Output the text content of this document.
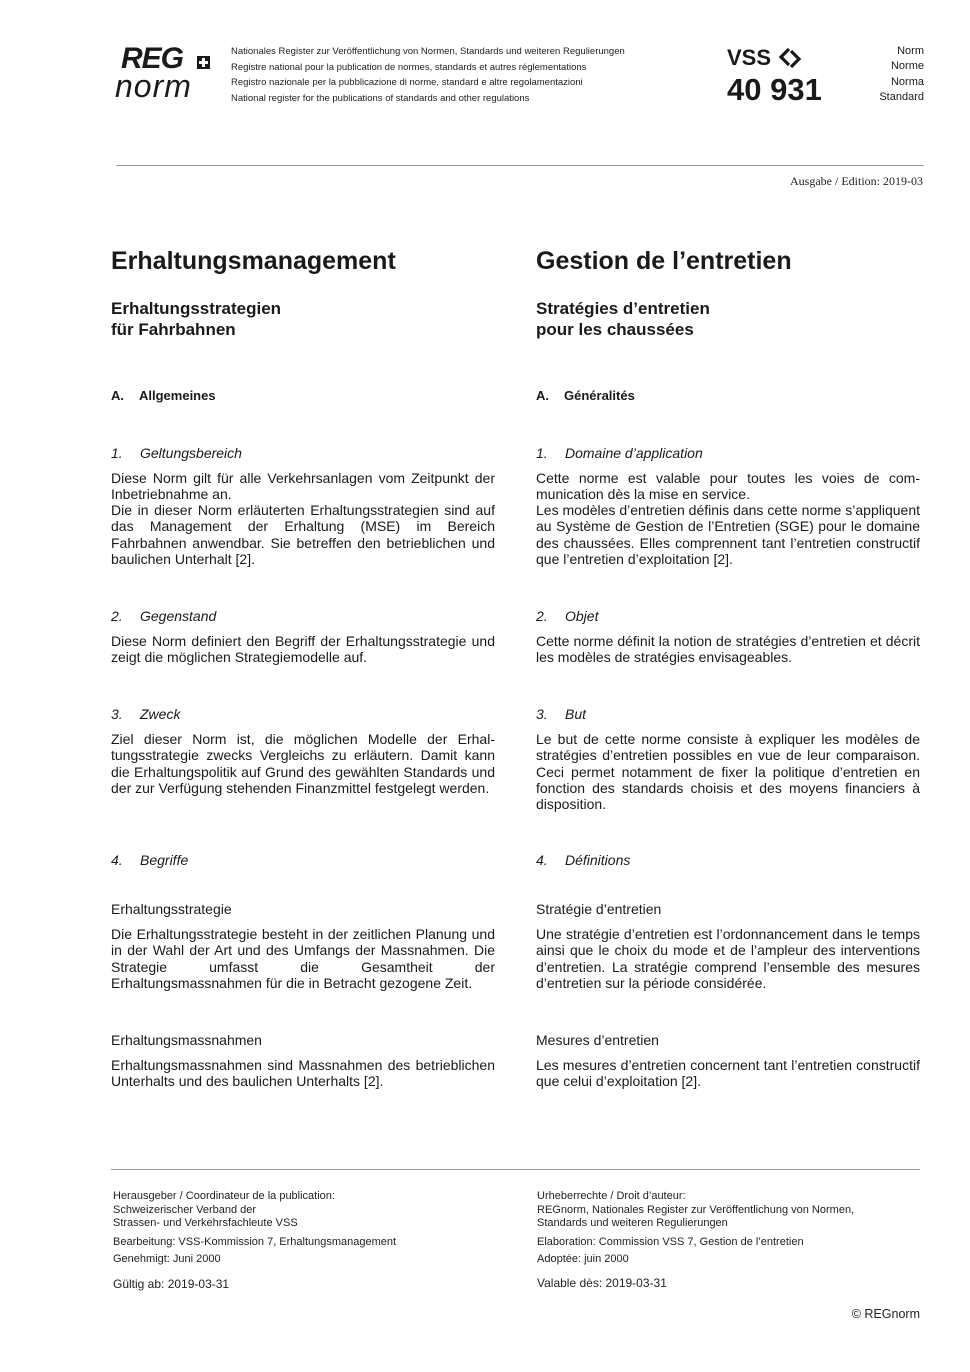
REG
norm
Nationales Register zur Veröffentlichung von Normen, Standards und weiteren Regulierungen
Registre national pour la publication de normes, standards et autres réglementations
Registro nazionale per la pubblicazione di norme, standard e altre regolamentazioni
National register for the publications of standards and other regulations
VSS
40 931
Norm
Norme
Norma
Standard
Ausgabe / Edition: 2019-03
Erhaltungsmanagement
Erhaltungsstrategien
für Fahrbahnen
A. Allgemeines
1. Geltungsbereich

Diese Norm gilt für alle Verkehrsanlagen vom Zeitpunkt der Inbetriebnahme an.

Die in dieser Norm erläuterten Erhaltungsstrategien sind auf das Management der Erhaltung (MSE) im Bereich Fahrbahnen anwendbar. Sie betreffen den betrieblichen und baulichen Unterhalt [2].

2. Gegenstand

Diese Norm definiert den Begriff der Erhaltungsstrategie und zeigt die möglichen Strategiemodelle auf.

3. Zweck

Ziel dieser Norm ist, die möglichen Modelle der Erhaltungsstrategie zwecks Vergleichs zu erläutern. Damit kann die Erhaltungspolitik auf Grund des gewählten Standards und der zur Verfügung stehenden Finanzmittel festgelegt werden.

4. Begriffe
Erhaltungsstrategie

Die Erhaltungsstrategie besteht in der zeitlichen Planung und in der Wahl der Art und des Umfangs der Massnahmen. Die Strategie umfasst die Gesamtheit der Erhaltungsmassnahmen für die in Betracht gezogene Zeit.

Erhaltungsmassnahmen

Erhaltungsmassnahmen sind Massnahmen des betrieblichen Unterhalts und des baulichen Unterhalts [2].

Gestion de l’entretien
Stratégies d’entretien
pour les chaussées
A. Généralités
1. Domaine d’application

Cette norme est valable pour toutes les voies de communication dès la mise en service.

Les modèles d’entretien définis dans cette norme s’appliquent au Système de Gestion de l’Entretien (SGE) pour le domaine des chaussées. Elles comprennent tant l’entretien constructif que l’entretien d’exploitation [2].

2. Objet

Cette norme définit la notion de stratégies d’entretien et décrit les modèles de stratégies envisageables.

3. But

Le but de cette norme consiste à expliquer les modèles de stratégies d’entretien possibles en vue de leur comparaison. Ceci permet notamment de fixer la politique d’entretien en fonction des standards choisis et des moyens financiers à disposition.

4. Définitions
Stratégie d’entretien

Une stratégie d’entretien est l’ordonnancement dans le temps ainsi que le choix du mode et de l’ampleur des interventions d’entretien. La stratégie comprend l’ensemble des mesures d’entretien sur la période considérée.

Mesures d’entretien

Les mesures d’entretien concernent tant l’entretien constructif que celui d’exploitation [2].

Herausgeber / Coordinateur de la publication:
Schweizerischer Verband der
Strassen- und Verkehrsfachleute VSS
Bearbeitung: VSS-Kommission 7, Erhaltungsmanagement
Genehmigt: Juni 2000
Gültig ab: 2019-03-31
Urheberrechte / Droit d’auteur:
REGnorm, Nationales Register zur Veröffentlichung von Normen,
Standards und weiteren Regulierungen
Elaboration: Commission VSS 7, Gestion de l’entretien
Adoptée: juin 2000
Valable dès: 2019-03-31
© REGnorm
